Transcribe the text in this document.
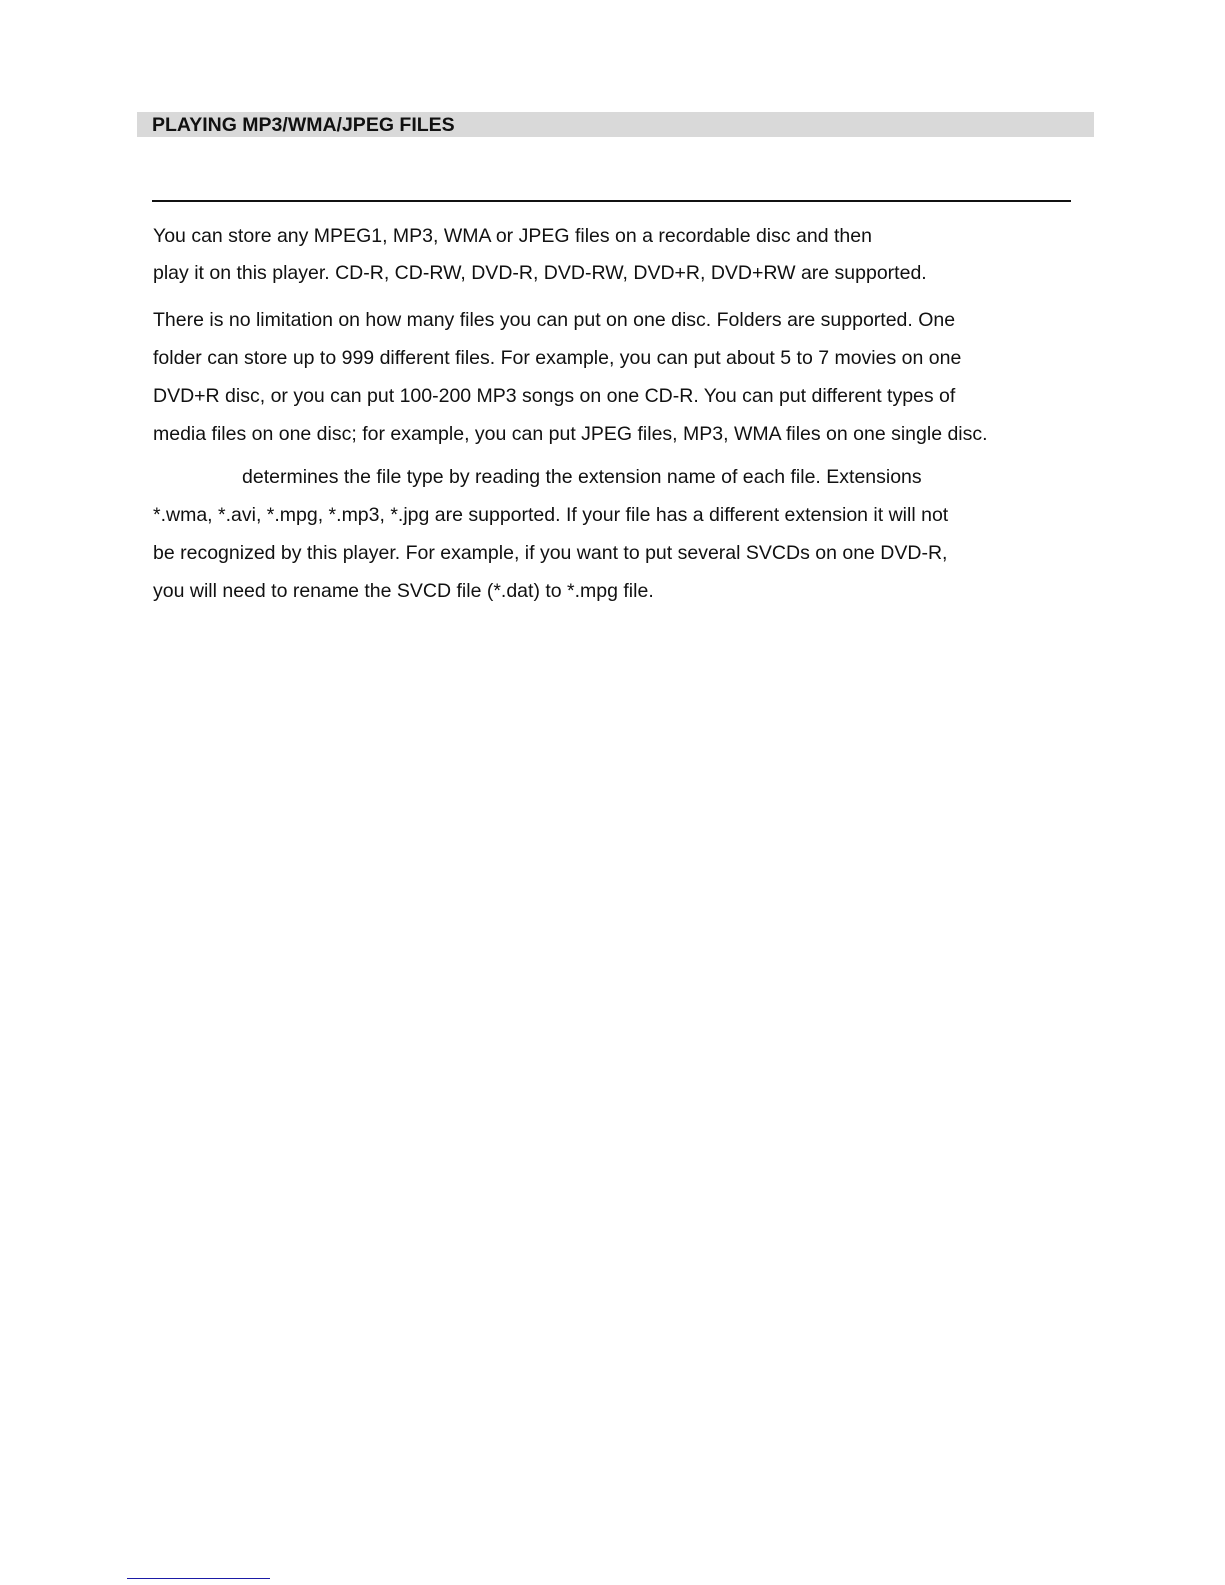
PLAYING MP3/WMA/JPEG FILES
You can store any MPEG1, MP3, WMA or JPEG files on a recordable disc and then
play it on this player. CD-R, CD-RW, DVD-R, DVD-RW, DVD+R, DVD+RW are supported.
There is no limitation on how many files you can put on one disc. Folders are supported. One
folder can store up to 999 different files. For example, you can put about 5 to 7 movies on one
DVD+R disc, or you can put 100-200 MP3 songs on one CD-R. You can put different types of
media files on one disc; for example, you can put JPEG files, MP3, WMA files on one single disc.
determines the file type by reading the extension name of each file. Extensions
*.wma, *.avi, *.mpg, *.mp3, *.jpg are supported. If your file has a different extension it will not
be recognized by this player. For example, if you want to put several SVCDs on one DVD-R,
you will need to rename the SVCD file (*.dat) to *.mpg file.
